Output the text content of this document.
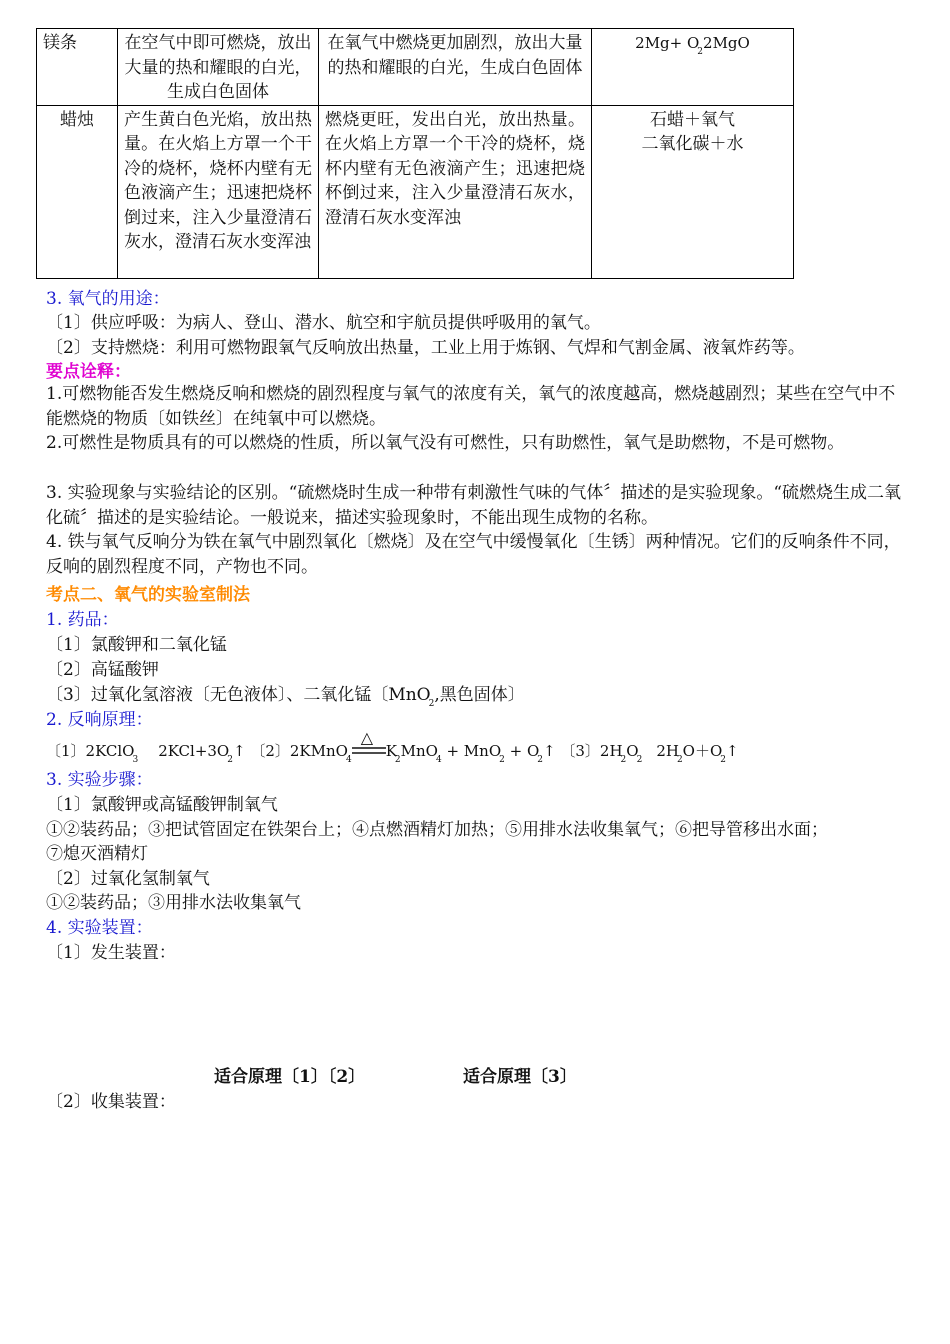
镁条	在空气中即可燃烧，放出大量的热和耀眼的白光，生成白色固体	在氧气中燃烧更加剧烈，放出大量的热和耀眼的白光，生成白色固体	$2Mg+ O_22MgO$
蜡烛	产生黄白色光焰，放出热量。在火焰上方罩一个干冷的烧杯，烧杯内壁有无色液滴产生；迅速把烧杯倒过来，注入少量澄清石灰水，澄清石灰水变浑浊	燃烧更旺，发出白光，放出热量。在火焰上方罩一个干冷的烧杯，烧杯内壁有无色液滴产生；迅速把烧杯倒过来，注入少量澄清石灰水，澄清石灰水变浑浊	石蜡＋氧气
二氧化碳＋水
3. 氧气的用途：
〔1〕供应呼吸：为病人、登山、潜水、航空和宇航员提供呼吸用的氧气。
〔2〕支持燃烧：利用可燃物跟氧气反响放出热量，工业上用于炼钢、气焊和气割金属、液氧炸药等。
要点诠释：
1.可燃物能否发生燃烧反响和燃烧的剧烈程度与氧气的浓度有关，氧气的浓度越高，燃烧越剧烈；某些在空气中不能燃烧的物质〔如铁丝〕在纯氧中可以燃烧。
2.可燃性是物质具有的可以燃烧的性质，所以氧气没有可燃性，只有助燃性，氧气是助燃物，不是可燃物。
3. 实验现象与实验结论的区别。“硫燃烧时生成一种带有刺激性气味的气体〞描述的是实验现象。“硫燃烧生成二氧化硫〞描述的是实验结论。一般说来，描述实验现象时，不能出现生成物的名称。
4. 铁与氧气反响分为铁在氧气中剧烈氧化〔燃烧〕及在空气中缓慢氧化〔生锈〕两种情况。它们的反响条件不同，反响的剧烈程度不同，产物也不同。
考点二、氧气的实验室制法
1. 药品：
〔1〕氯酸钾和二氧化锰
〔2〕高锰酸钾
〔3〕过氧化氢溶液〔无色液体〕、二氧化锰〔MnO$_2$,黑色固体〕
2. 反响原理：
〔1〕2KClO$_3$ $2KCl+3O_2↑$ 〔2〕2KMnO$_4$
△
$K_2MnO_4 + MnO_2$ + $O_2↑$ 〔3〕$2H_2O_2$ $2H_2O+O_2↑$
3. 实验步骤：
〔1〕氯酸钾或高锰酸钾制氧气
①②装药品；③把试管固定在铁架台上；④点燃酒精灯加热；⑤用排水法收集氧气；⑥把导管移出水面；
⑦熄灭酒精灯
〔2〕过氧化氢制氧气
①②装药品；③用排水法收集氧气
4. 实验装置：
〔1〕发生装置：
适合原理〔1〕〔2〕	适合原理〔3〕
〔2〕收集装置：
